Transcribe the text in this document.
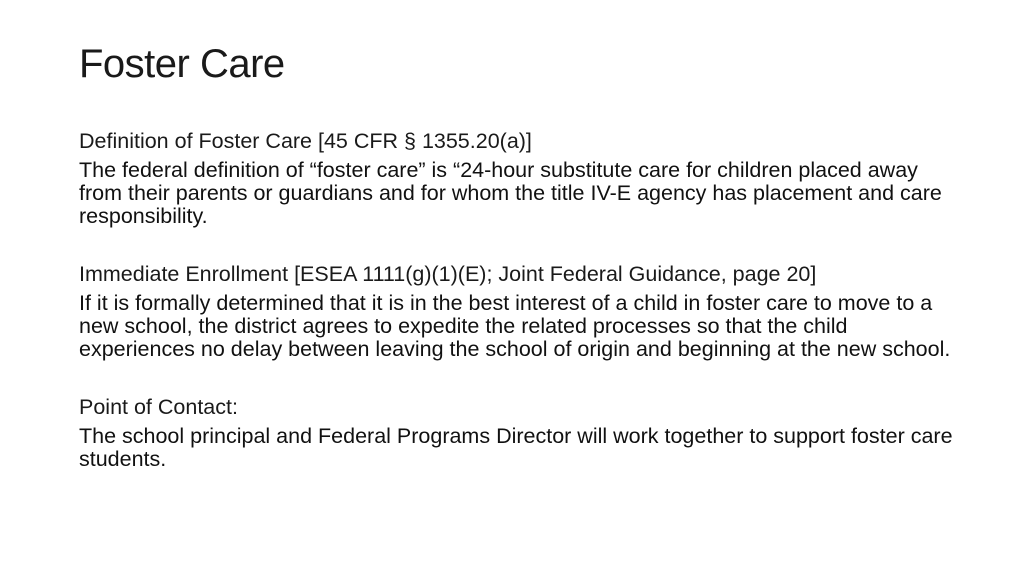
Foster Care

Definition of Foster Care [45 CFR § 1355.20(a)]

The federal definition of “foster care” is “24-hour substitute care for children placed away from their parents or guardians and for whom the title IV-E agency has placement and care responsibility.

Immediate Enrollment [ESEA 1111(g)(1)(E); Joint Federal Guidance, page 20]

If it is formally determined that it is in the best interest of a child in foster care to move to a new school, the district agrees to expedite the related processes so that the child experiences no delay between leaving the school of origin and beginning at the new school.

Point of Contact:

The school principal and Federal Programs Director will work together to support foster care students.
